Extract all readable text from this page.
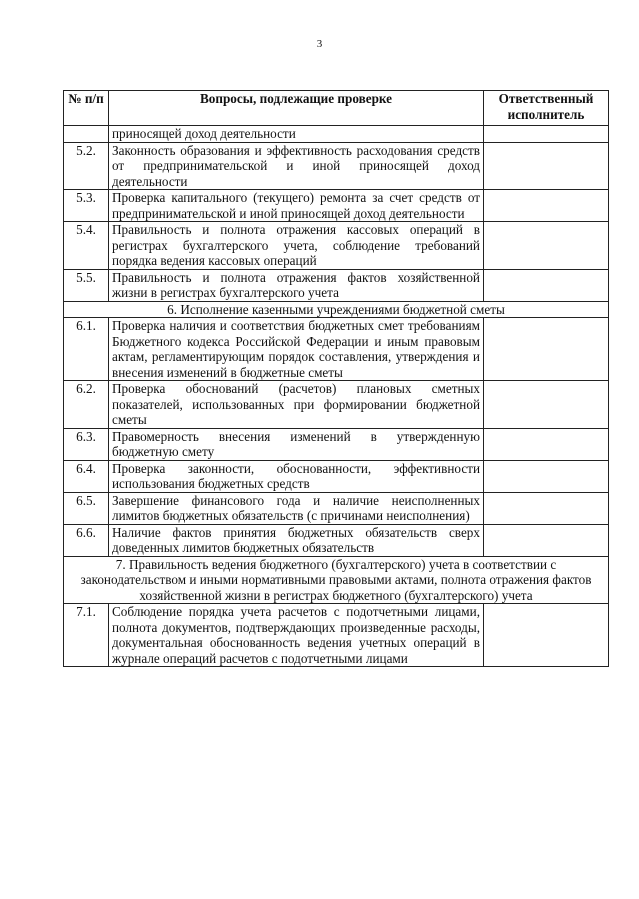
3
№ п/п	Вопросы, подлежащие проверке	Ответственный исполнитель
	приносящей доход деятельности	
5.2.	Законность образования и эффективность расходования средств от предпринимательской и иной приносящей доход деятельности	
5.3.	Проверка капитального (текущего) ремонта за счет средств от предпринимательской и иной приносящей доход деятельности	
5.4.	Правильность и полнота отражения кассовых операций в регистрах бухгалтерского учета, соблюдение требований порядка ведения кассовых операций	
5.5.	Правильность и полнота отражения фактов хозяйственной жизни в регистрах бухгалтерского учета	
6. Исполнение казенными учреждениями бюджетной сметы		
6.1.	Проверка наличия и соответствия бюджетных смет требованиям Бюджетного кодекса Российской Федерации и иным правовым актам, регламентирующим порядок составления, утверждения и внесения изменений в бюджетные сметы	
6.2.	Проверка обоснований (расчетов) плановых сметных показателей, использованных при формировании бюджетной сметы	
6.3.	Правомерность внесения изменений в утвержденную бюджетную смету	
6.4.	Проверка законности, обоснованности, эффективности использования бюджетных средств	
6.5.	Завершение финансового года и наличие неисполненных лимитов бюджетных обязательств (с причинами неисполнения)	
6.6.	Наличие фактов принятия бюджетных обязательств сверх доведенных лимитов бюджетных обязательств	
7. Правильность ведения бюджетного (бухгалтерского) учета в соответствии с законодательством и иными нормативными правовыми актами, полнота отражения фактов хозяйственной жизни в регистрах бюджетного (бухгалтерского) учета		
7.1.	Соблюдение порядка учета расчетов с подотчетными лицами, полнота документов, подтверждающих произведенные расходы, документальная обоснованность ведения учетных операций в журнале операций расчетов с подотчетными лицами	
